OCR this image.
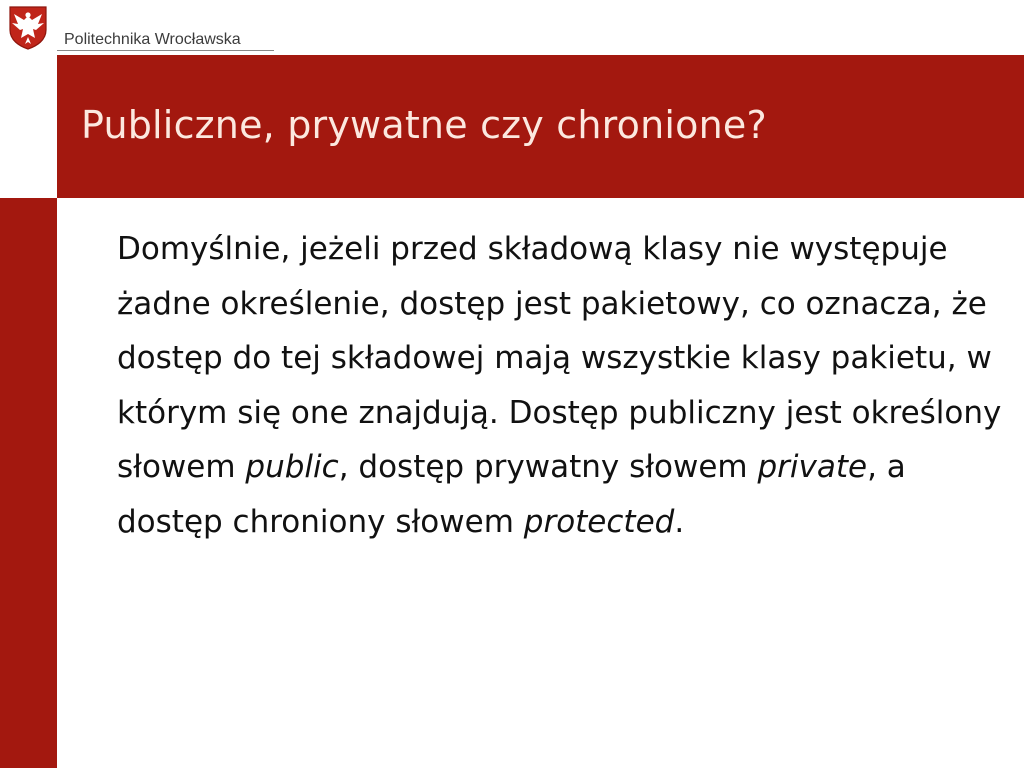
Politechnika Wrocławska
Publiczne, prywatne czy chronione?

Domyślnie, jeżeli przed składową klasy nie występuje żadne określenie, dostęp jest pakietowy, co oznacza, że dostęp do tej składowej mają wszystkie klasy pakietu, w którym się one znajdują. Dostęp publiczny jest określony słowem public, dostęp prywatny słowem private, a dostęp chroniony słowem protected.
